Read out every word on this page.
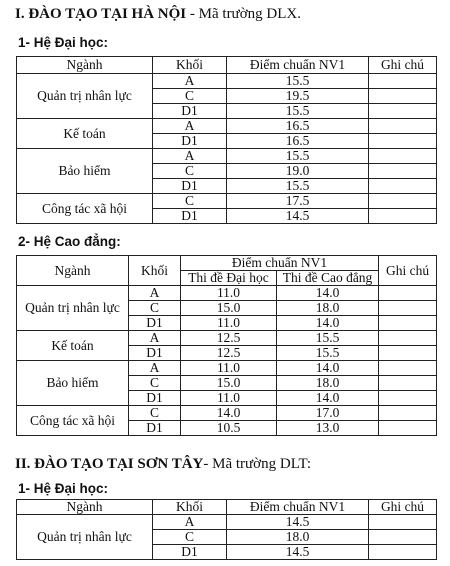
I. ĐÀO TẠO TẠI HÀ NỘI - Mã trường DLX.
1- Hệ Đại học:
Ngành	Khối	Điểm chuẩn NV1	Ghi chú
Quản trị nhân lực	A	15.5	
	C	19.5	
	D1	15.5	
Kế toán	A	16.5	
	D1	16.5	
Bảo hiểm	A	15.5	
	C	19.0	
	D1	15.5	
Công tác xã hội	C	17.5	
	D1	14.5	
2- Hệ Cao đẳng:
Ngành	Khối	Điểm chuẩn NV1		Ghi chú
		Thi đề Đại học	Thi đề Cao đẳng	
Quản trị nhân lực	A	11.0	14.0	
	C	15.0	18.0	
	D1	11.0	14.0	
Kế toán	A	12.5	15.5	
	D1	12.5	15.5	
Bảo hiểm	A	11.0	14.0	
	C	15.0	18.0	
	D1	11.0	14.0	
Công tác xã hội	C	14.0	17.0	
	D1	10.5	13.0	
II. ĐÀO TẠO TẠI SƠN TÂY- Mã trường DLT:
1- Hệ Đại học:
Ngành	Khối	Điểm chuẩn NV1	Ghi chú
Quản trị nhân lực	A	14.5	
	C	18.0	
	D1	14.5	
